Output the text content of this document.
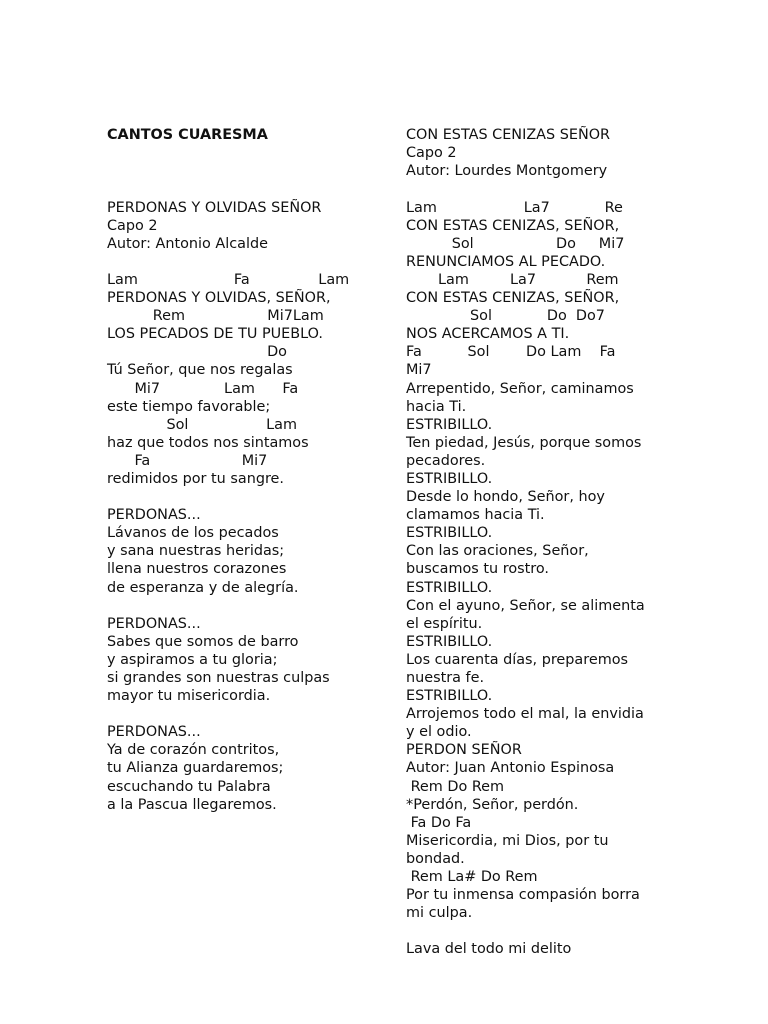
CANTOS CUARESMA

PERDONAS Y OLVIDAS SEÑOR
Capo 2
Autor: Antonio Alcalde
Lam                     Fa               Lam
PERDONAS Y OLVIDAS, SEÑOR,
Rem                  Mi7Lam
LOS PECADOS DE TU PUEBLO.
Do
Tú Señor, que nos regalas
Mi7              Lam      Fa
este tiempo favorable;
Sol                 Lam
haz que todos nos sintamos
Fa                    Mi7
redimidos por tu sangre.
PERDONAS...
Lávanos de los pecados
y sana nuestras heridas;
llena nuestros corazones
de esperanza y de alegría.
PERDONAS...
Sabes que somos de barro
y aspiramos a tu gloria;
si grandes son nuestras culpas
mayor tu misericordia.
PERDONAS...
Ya de corazón contritos,
tu Alianza guardaremos;
escuchando tu Palabra
a la Pascua llegaremos.

CON ESTAS CENIZAS SEÑOR
Capo 2
Autor: Lourdes Montgomery
Lam                   La7            Re
CON ESTAS CENIZAS, SEÑOR,
Sol                  Do     Mi7
RENUNCIAMOS AL PECADO.
Lam         La7           Rem
CON ESTAS CENIZAS, SEÑOR,
Sol            Do  Do7
NOS ACERCAMOS A TI.
Fa          Sol        Do Lam    Fa
Mi7
Arrepentido, Señor, caminamos
hacia Ti.
ESTRIBILLO.
Ten piedad, Jesús, porque somos
pecadores.
ESTRIBILLO.
Desde lo hondo, Señor, hoy
clamamos hacia Ti.
ESTRIBILLO.
Con las oraciones, Señor,
buscamos tu rostro.
ESTRIBILLO.
Con el ayuno, Señor, se alimenta
el espíritu.
ESTRIBILLO.
Los cuarenta días, preparemos
nuestra fe.
ESTRIBILLO.
Arrojemos todo el mal, la envidia
y el odio.
PERDON SEÑOR
Autor: Juan Antonio Espinosa
Rem Do Rem
*Perdón, Señor, perdón.
Fa Do Fa
Misericordia, mi Dios, por tu
bondad.
Rem La# Do Rem
Por tu inmensa compasión borra
mi culpa.
Lava del todo mi delito
